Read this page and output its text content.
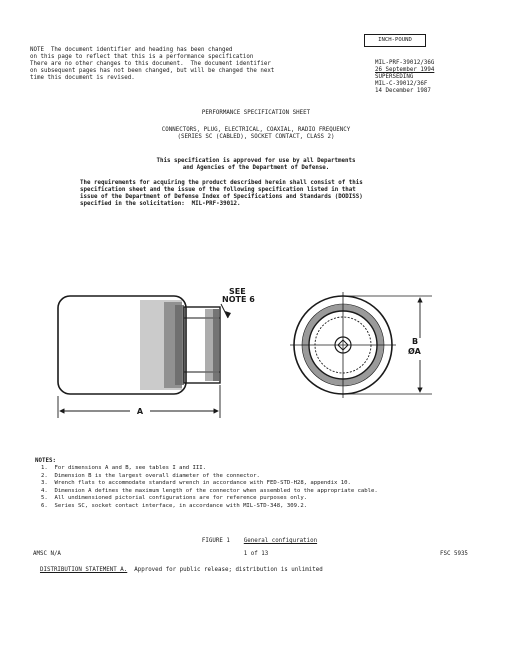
INCH-POUND
NOTE  The document identifier and heading has been changed
on this page to reflect that this is a performance specification
There are no other changes to this document.  The document identifier
on subsequent pages has not been changed, but will be changed the next
time this document is revised.
MIL-PRF-39012/36G
26 September 1994
SUPERSEDING
MIL-C-39012/36F
14 December 1987
PERFORMANCE SPECIFICATION SHEET
CONNECTORS, PLUG, ELECTRICAL, COAXIAL, RADIO FREQUENCY
(SERIES SC (CABLED), SOCKET CONTACT, CLASS 2)
This specification is approved for use by all Departments
and Agencies of the Department of Defense.
The requirements for acquiring the product described herein shall consist of this
specification sheet and the issue of the following specification listed in that
issue of the Department of Defense Index of Specifications and Standards (DODISS)
specified in the solicitation:  MIL-PRF-39012.
SEE
NOTE 6
A
B
ØA
NOTES:
1.  For dimensions A and B, see tables I and III.
2.  Dimension B is the largest overall diameter of the connector.
3.  Wrench flats to accommodate standard wrench in accordance with FED-STD-H28, appendix 10.
4.  Dimension A defines the maximum length of the connector when assembled to the appropriate cable.
5.  All undimensioned pictorial configurations are for reference purposes only.
6.  Series SC, socket contact interface, in accordance with MIL-STD-348, 309.2.

FIGURE 1 General configuration

AMSC N/A	1 of 13	FSC 5935

DISTRIBUTION STATEMENT A. Approved for public release; distribution is unlimited
